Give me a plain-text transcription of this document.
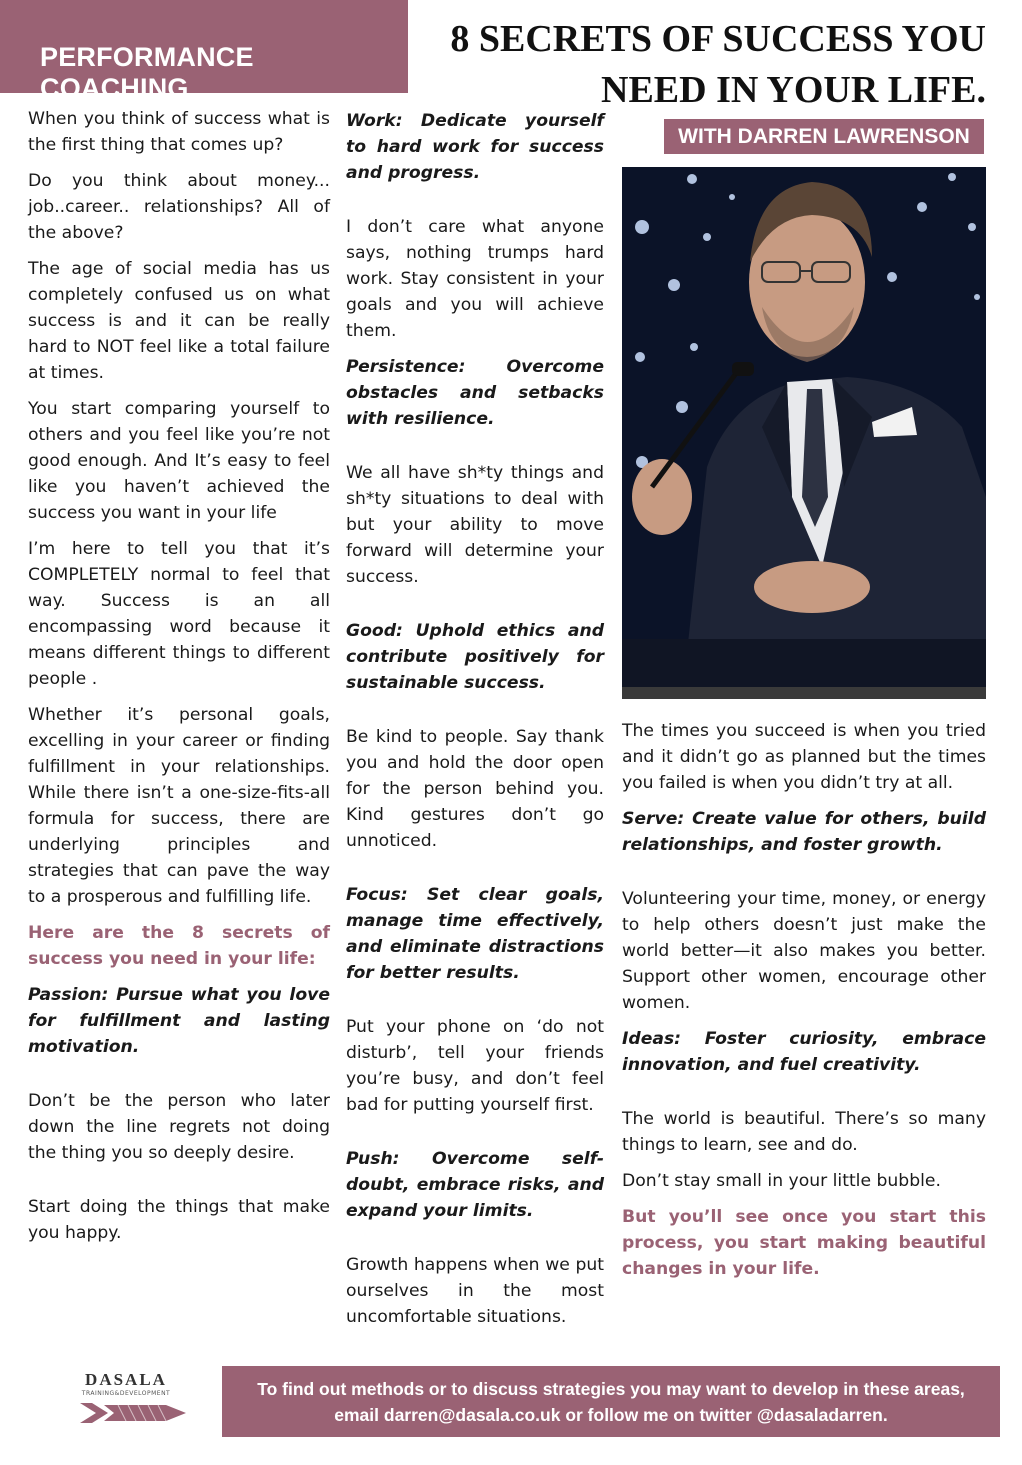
PERFORMANCE COACHING
8 SECRETS OF SUCCESS YOU
NEED IN YOUR LIFE.
WITH DARREN LAWRENSON

When you think of success what is the first thing that comes up?

Do you think about money... job..career.. relationships? All of the above?

The age of social media has us completely confused us on what success is and it can be really hard to NOT feel like a total failure at times.

You start comparing yourself to others and you feel like you’re not good enough. And It’s easy to feel like you haven’t achieved the success you want in your life

I’m here to tell you that it’s COMPLETELY normal to feel that way. Success is an all encompassing word because it means different things to different people .

Whether it’s personal goals, excelling in your career or finding fulfillment in your relationships. While there isn’t a one-size-fits-all formula for success, there are underlying principles and strategies that can pave the way to a prosperous and fulfilling life.

Here are the 8 secrets of success you need in your life:

Passion: Pursue what you love for fulfillment and lasting motivation.

Don’t be the person who later down the line regrets not doing the thing you so deeply desire.

Start doing the things that make you happy.

Work: Dedicate yourself to hard work for success and progress.

I don’t care what anyone says, nothing trumps hard work. Stay consistent in your goals and you will achieve them.

Persistence: Overcome obstacles and setbacks with resilience.

We all have sh*ty things and sh*ty situations to deal with but your ability to move forward will determine your success.

Good: Uphold ethics and contribute positively for sustainable success.

Be kind to people. Say thank you and hold the door open for the person behind you. Kind gestures don’t go unnoticed.

Focus: Set clear goals, manage time effectively, and eliminate distractions for better results.

Put your phone on ‘do not disturb’, tell your friends you’re busy, and don’t feel bad for putting yourself first.

Push: Overcome self-doubt, embrace risks, and expand your limits.

Growth happens when we put ourselves in the most uncomfortable situations.

The times you succeed is when you tried and it didn’t go as planned but the times you failed is when you didn’t try at all.

Serve: Create value for others, build relationships, and foster growth.

Volunteering your time, money, or energy to help others doesn’t just make the world better—it also makes you better. Support other women, encourage other women.

Ideas: Foster curiosity, embrace innovation, and fuel creativity.

The world is beautiful. There’s so many things to learn, see and do.

Don’t stay small in your little bubble.

But you’ll see once you start this process, you start making beautiful changes in your life.

DASALA
TRAINING&DEVELOPMENT	To find out methods or to discuss strategies you may want to develop in these areas, email darren@dasala.co.uk or follow me on twitter @dasaladarren.
